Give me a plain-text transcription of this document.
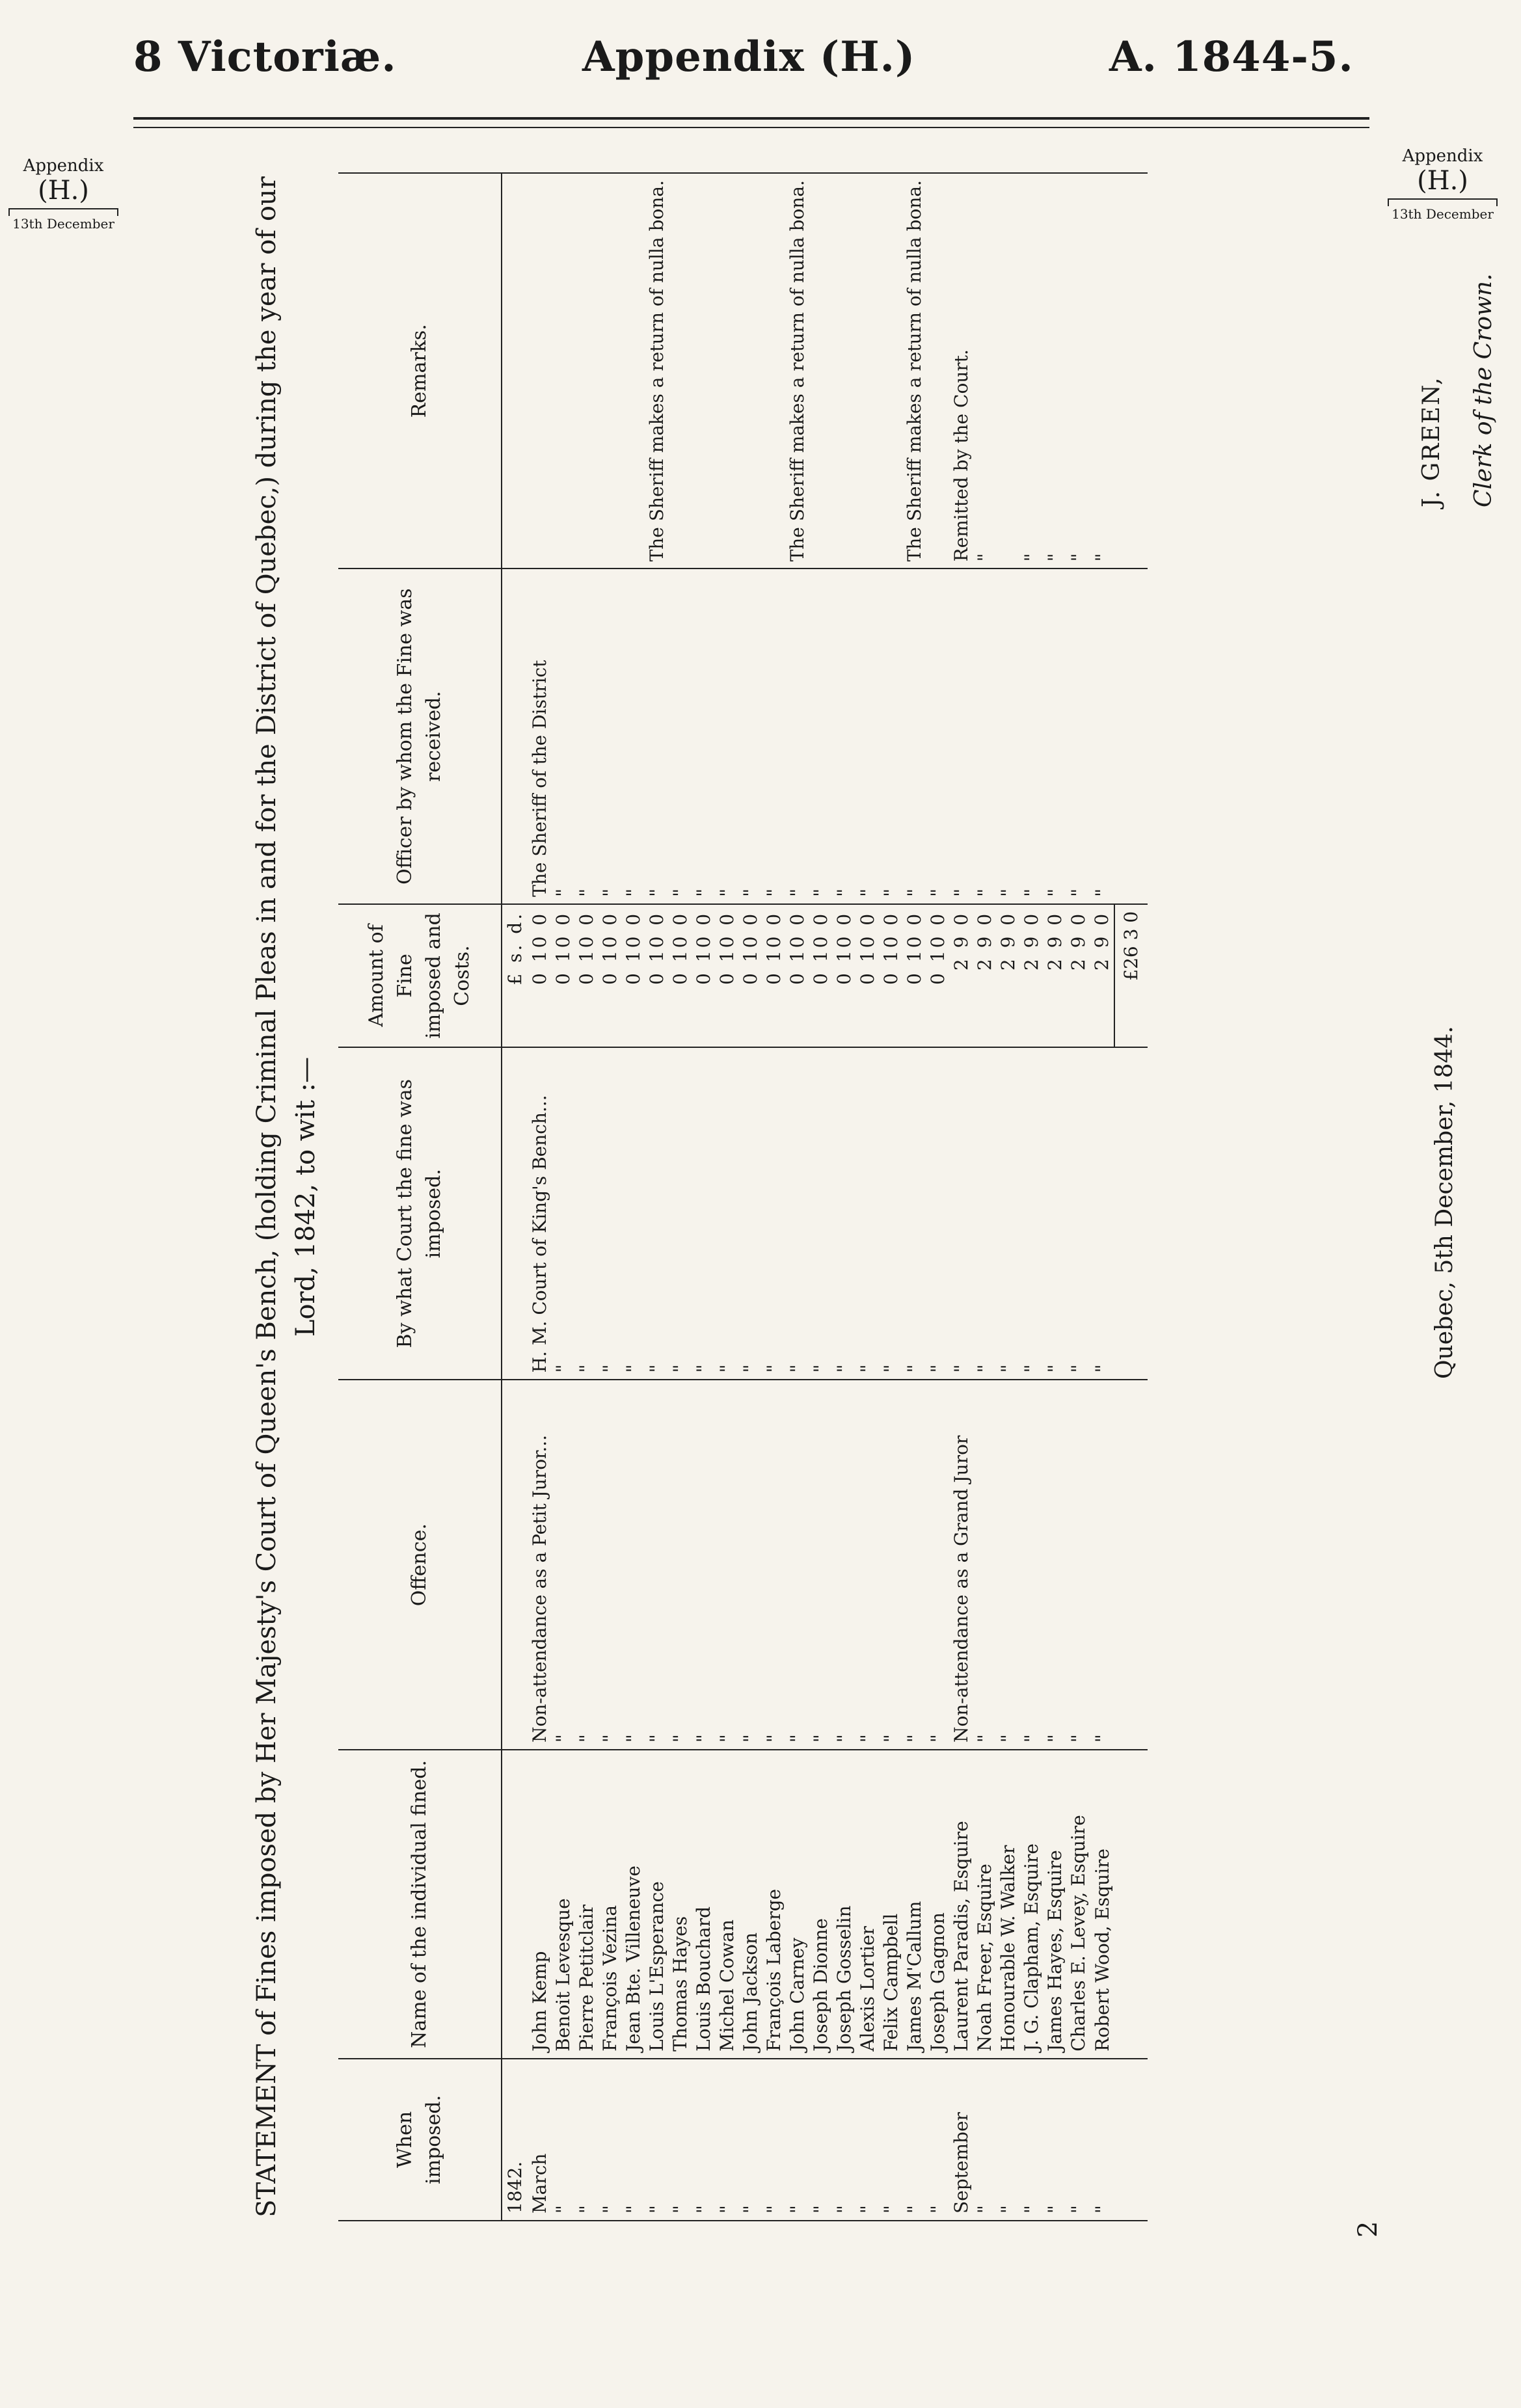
8 Victoriæ.	Appendix (H.)	A. 1844-5.
Appendix
(H.)
13th December
Appendix
(H.)
13th December
STATEMENT of Fines imposed by Her Majesty's Court of Queen's Bench, (holding Criminal Pleas in and for the District of Quebec,) during the year of our Lord, 1842, to wit :—
When imposed.	Name of the individual fined.	Offence.	By what Court the fine was imposed.	Amount of Fine imposed and Costs.	Officer by whom the Fine was received.	Remarks.
1842.				£ s. d.		
March	John Kemp	Non-attendance as a Petit Juror...	H. M. Court of King's Bench...	0 10 0	The Sheriff of the District	
"	Benoit Levesque	"	"	0 10 0	"	
"	Pierre Petitclair	"	"	0 10 0	"	
"	François Vezina	"	"	0 10 0	"	
"	Jean Bte. Villeneuve	"	"	0 10 0	"	
"	Louis L'Esperance	"	"	0 10 0	"	The Sheriff makes a return of nulla bona.
"	Thomas Hayes	"	"	0 10 0	"	
"	Louis Bouchard	"	"	0 10 0	"	
"	Michel Cowan	"	"	0 10 0	"	
"	John Jackson	"	"	0 10 0	"	
"	François Laberge	"	"	0 10 0	"	
"	John Carney	"	"	0 10 0	"	The Sheriff makes a return of nulla bona.
"	Joseph Dionne	"	"	0 10 0	"	
"	Joseph Gosselin	"	"	0 10 0	"	
"	Alexis Lortier	"	"	0 10 0	"	
"	Felix Campbell	"	"	0 10 0	"	
"	James M'Callum	"	"	0 10 0	"	The Sheriff makes a return of nulla bona.
"	Joseph Gagnon	"	"	0 10 0	"	
September	Laurent Paradis, Esquire	Non-attendance as a Grand Juror	"	2 9 0	"	Remitted by the Court.
"	Noah Freer, Esquire	"	"	2 9 0	"	"
"	Honourable W. Walker	"	"	2 9 0	"	
"	J. G. Clapham, Esquire	"	"	2 9 0	"	"
"	James Hayes, Esquire	"	"	2 9 0	"	"
"	Charles E. Levey, Esquire	"	"	2 9 0	"	"
"	Robert Wood, Esquire	"	"	2 9 0	"	"
				£26 3 0		
Quebec, 5th December, 1844.
J. GREEN, Clerk of the Crown.
2
